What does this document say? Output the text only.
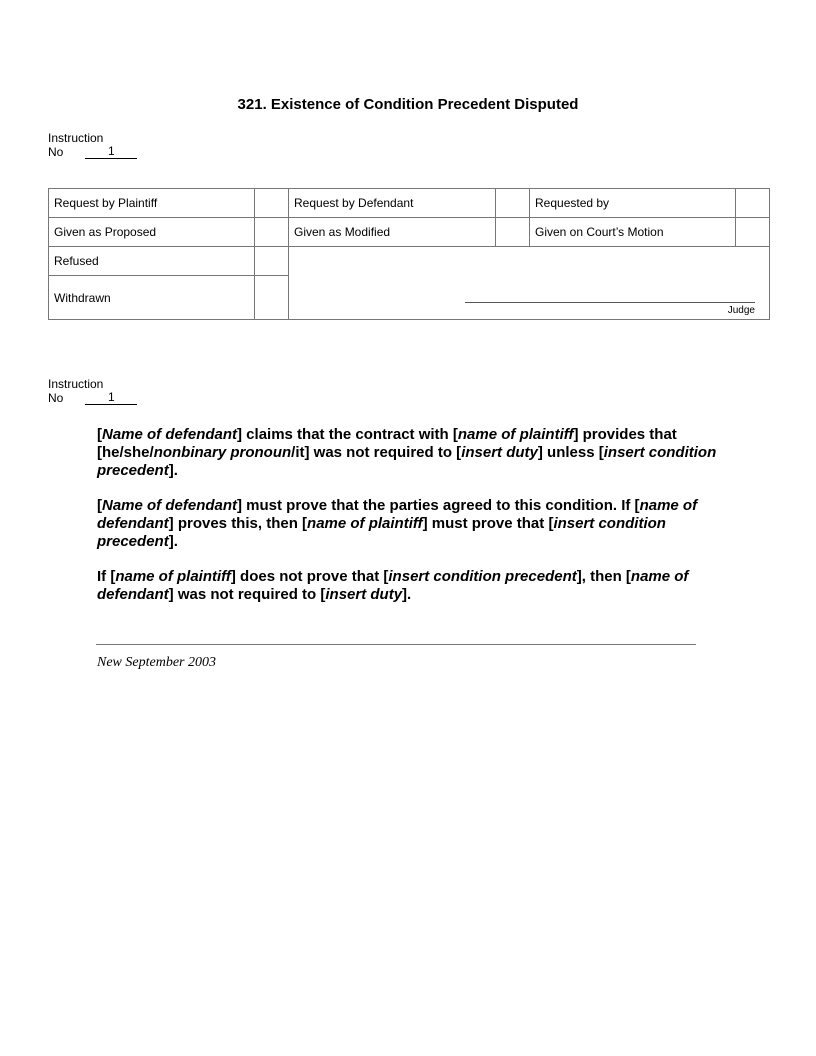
321. Existence of Condition Precedent Disputed
Instruction
No	1
Request by Plaintiff		Request by Defendant		Requested by	
Given as Proposed		Given as Modified		Given on Court’s Motion	
Refused		Judge			

Withdrawn					
Instruction
No	1

[Name of defendant] claims that the contract with [name of plaintiff] provides that [he/she/nonbinary pronoun/it] was not required to [insert duty] unless [insert condition precedent].

[Name of defendant] must prove that the parties agreed to this condition. If [name of defendant] proves this, then [name of plaintiff] must prove that [insert condition precedent].

If [name of plaintiff] does not prove that [insert condition precedent], then [name of defendant] was not required to [insert duty].

New September 2003
